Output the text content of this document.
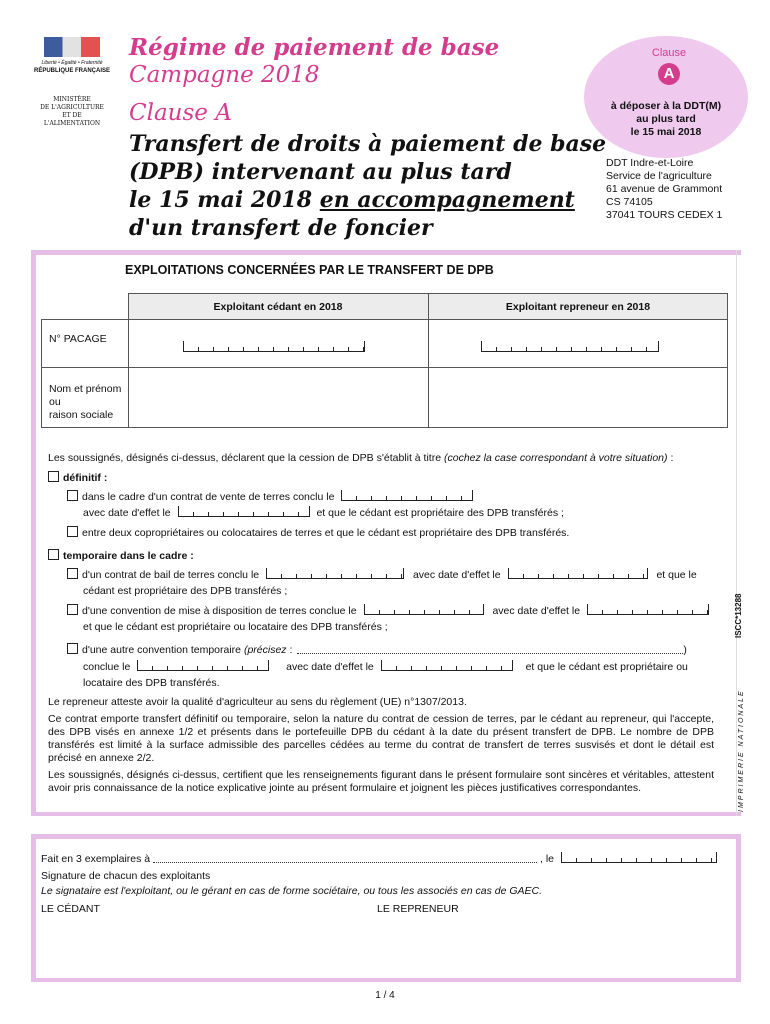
Liberté • Égalité • Fraternité
RÉPUBLIQUE FRANÇAISE
MINISTÈRE
DE L'AGRICULTURE
ET DE
L'ALIMENTATION
Régime de paiement de base
Campagne 2018
Clause A
Transfert de droits à paiement de base
(DPB) intervenant au plus tard
le 15 mai 2018 en accompagnement
d'un transfert de foncier
Clause
A
à déposer à la DDT(M)
au plus tard
le 15 mai 2018
DDT Indre-et-Loire
Service de l'agriculture
61 avenue de Grammont
CS 74105
37041 TOURS CEDEX 1
EXPLOITATIONS CONCERNÉES PAR LE TRANSFERT DE DPB
Exploitant cédant en 2018	Exploitant repreneur en 2018
N° PACAGE
Nom et prénom
ou
raison sociale
Les soussignés, désignés ci-dessus, déclarent que la cession de DPB s'établit à titre (cochez la case correspondant à votre situation) :
définitif :
dans le cadre d'un contrat de vente de terres conclu le
avec date d'effet le	et que le cédant est propriétaire des DPB transférés ;
entre deux copropriétaires ou colocataires de terres et que le cédant est propriétaire des DPB transférés.
temporaire dans le cadre :
d'un contrat de bail de terres conclu le	avec date d'effet le	et que le
cédant est propriétaire des DPB transférés ;
d'une convention de mise à disposition de terres conclue le	avec date d'effet le
et que le cédant est propriétaire ou locataire des DPB transférés ;
d'une autre convention temporaire (précisez :	)
conclue le	avec date d'effet le	et que le cédant est propriétaire ou
locataire des DPB transférés.
Le repreneur atteste avoir la qualité d'agriculteur au sens du règlement (UE) n°1307/2013.
Ce contrat emporte transfert définitif ou temporaire, selon la nature du contrat de cession de terres, par le cédant au repreneur, qui l'accepte, des DPB visés en annexe 1/2 et présents dans le portefeuille DPB du cédant à la date du présent transfert de DPB. Le nombre de DPB transférés est limité à la surface admissible des parcelles cédées au terme du contrat de transfert de terres susvisés et dont le détail est précisé en annexe 2/2.
Les soussignés, désignés ci-dessus, certifient que les renseignements figurant dans le présent formulaire sont sincères et véritables, attestent avoir pris connaissance de la notice explicative jointe au présent formulaire et joignent les pièces justificatives correspondantes.
ISCC*13288
IMPRIMERIE NATIONALE
Fait en 3 exemplaires à	, le
Signature de chacun des exploitants
Le signataire est l'exploitant, ou le gérant en cas de forme sociétaire, ou tous les associés en cas de GAEC.
LE CÉDANT	LE REPRENEUR
1 / 4
